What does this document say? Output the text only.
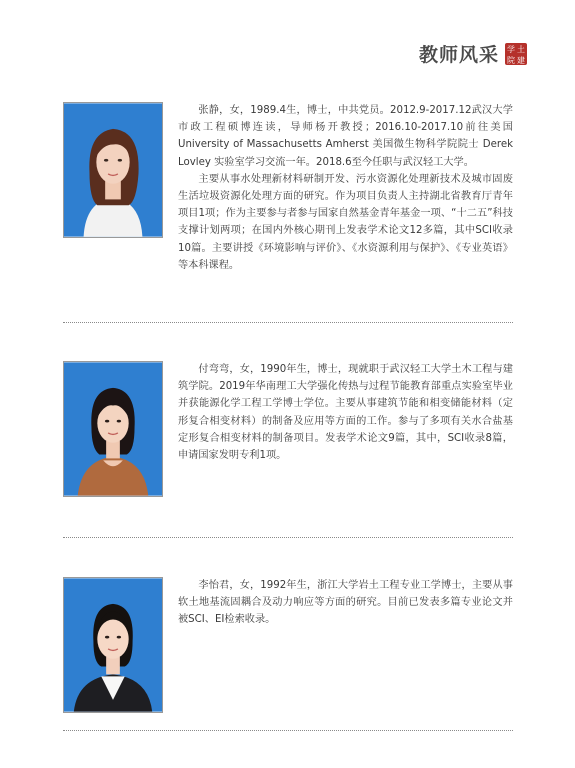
教师风采 学 土
院 建

张静，女，1989.4生，博士，中共党员。2012.9-2017.12武汉大学市政工程硕博连读，导师杨开教授；2016.10-2017.10前往美国 University of Massachusetts Amherst 美国微生物科学院院士 Derek Lovley 实验室学习交流一年。2018.6至今任职与武汉轻工大学。

主要从事水处理新材料研制开发、污水资源化处理新技术及城市固废生活垃圾资源化处理方面的研究。作为项目负责人主持湖北省教育厅青年项目1项；作为主要参与者参与国家自然基金青年基金一项、“十二五”科技支撑计划两项；在国内外核心期刊上发表学术论文12多篇，其中SCI收录10篇。主要讲授《环境影响与评价》、《水资源利用与保护》、《专业英语》等本科课程。

付弯弯，女，1990年生，博士，现就职于武汉轻工大学土木工程与建筑学院。2019年华南理工大学强化传热与过程节能教育部重点实验室毕业并获能源化学工程工学博士学位。主要从事建筑节能和相变储能材料（定形复合相变材料）的制备及应用等方面的工作。参与了多项有关水合盐基定形复合相变材料的制备项目。发表学术论文9篇，其中，SCI收录8篇，申请国家发明专利1项。

李怡君，女，1992年生，浙江大学岩土工程专业工学博士，主要从事软土地基流固耦合及动力响应等方面的研究。目前已发表多篇专业论文并被SCI、EI检索收录。
